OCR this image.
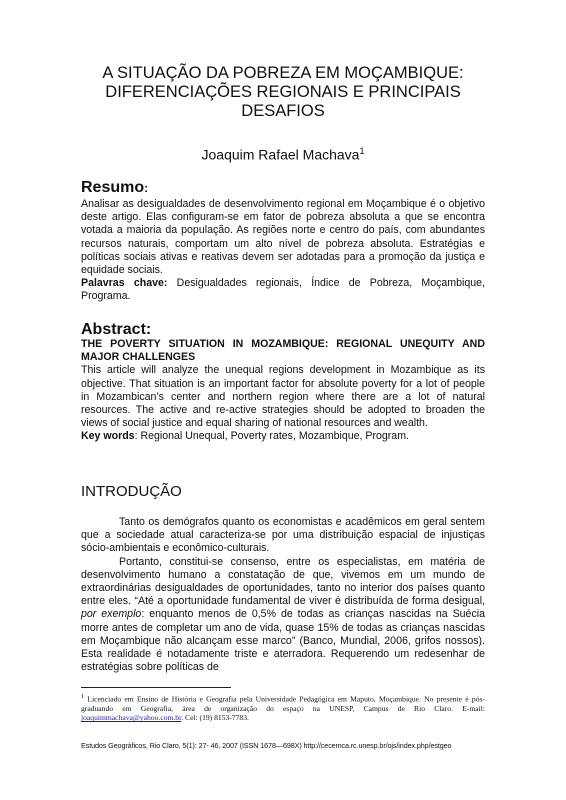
A SITUAÇÃO DA POBREZA EM MOÇAMBIQUE:
DIFERENCIAÇÕES REGIONAIS E PRINCIPAIS
DESAFIOS
Joaquim Rafael Machava$^1$
Resumo:

Analisar as desigualdades de desenvolvimento regional em Moçambique é o objetivo deste artigo. Elas configuram-se em fator de pobreza absoluta a que se encontra votada a maioria da população. As regiões norte e centro do país, com abundantes recursos naturais, comportam um alto nível de pobreza absoluta. Estratégias e políticas sociais ativas e reativas devem ser adotadas para a promoção da justiça e equidade sociais.

Palavras chave: Desigualdades regionais, Índice de Pobreza, Moçambique, Programa.

Abstract:

THE POVERTY SITUATION IN MOZAMBIQUE: REGIONAL UNEQUITY AND MAJOR CHALLENGES

This article will analyze the unequal regions development in Mozambique as its objective. That situation is an important factor for absolute poverty for a lot of people in Mozambican’s center and northern region where there are a lot of natural resources. The active and re-active strategies should be adopted to broaden the views of social justice and equal sharing of national resources and wealth.

Key words: Regional Unequal, Poverty rates, Mozambique, Program.

INTRODUÇÃO

Tanto os demógrafos quanto os economistas e acadêmicos em geral sentem que a sociedade atual caracteriza-se por uma distribuição espacial de injustiças sócio-ambientais e econômico-culturais.

Portanto, constitui-se consenso, entre os especialistas, em matéria de desenvolvimento humano a constatação de que, vivemos em um mundo de extraordinárias desigualdades de oportunidades, tanto no interior dos países quanto entre eles. “Até a oportunidade fundamental de viver é distribuída de forma desigual, por exemplo: enquanto menos de 0,5% de todas as crianças nascidas na Suécia morre antes de completar um ano de vida, quase 15% de todas as crianças nascidas em Moçambique não alcançam esse marco” (Banco, Mundial, 2006, grifos nossos). Esta realidade é notadamente triste e aterradora. Requerendo um redesenhar de estratégias sobre políticas de

$^1$ Licenciado em Ensino de História e Geografia pela Universidade Pedagógica em Maputo, Moçambique. No presente é pós-graduando em Geografia, área de organização do espaço na UNESP, Campus de Rio Claro. E-mail: joaquimmachava@yahoo.com.br. Cel: (19) 8153-7783.
Estudos Geográficos, Rio Claro, 5(1): 27- 46, 2007 (ISSN 1678—698X) http://cecemca.rc.unesp.br/ojs/index.php/estgeo
